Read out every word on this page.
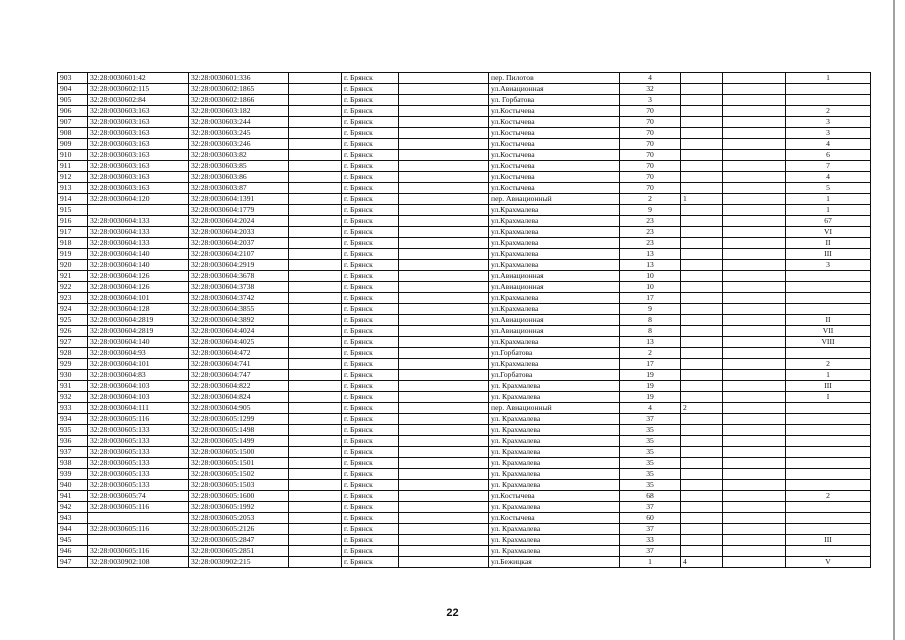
903	32:28:0030601:42	32:28:0030601:336		г. Брянск		пер. Пилотов	4			1
904	32:28:0030602:115	32:28:0030602:1865		г. Брянск		ул.Авиационная	32			
905	32:28:0030602:84	32:28:0030602:1866		г. Брянск		ул. Горбатова	3			
906	32:28:0030603:163	32:28:0030603:182		г. Брянск		ул.Костычева	70			2
907	32:28:0030603:163	32:28:0030603:244		г. Брянск		ул.Костычева	70			3
908	32:28:0030603:163	32:28:0030603:245		г. Брянск		ул.Костычева	70			3
909	32:28:0030603:163	32:28:0030603:246		г. Брянск		ул.Костычева	70			4
910	32:28:0030603:163	32:28:0030603:82		г. Брянск		ул.Костычева	70			6
911	32:28:0030603:163	32:28:0030603:85		г. Брянск		ул.Костычева	70			7
912	32:28:0030603:163	32:28:0030603:86		г. Брянск		ул.Костычева	70			4
913	32:28:0030603:163	32:28:0030603:87		г. Брянск		ул.Костычева	70			5
914	32:28:0030604:120	32:28:0030604:1391		г. Брянск		пер. Авиационный	2	1		1
915		32:28:0030604:1779		г. Брянск		ул.Крахмалева	9			1
916	32:28:0030604:133	32:28:0030604:2024		г. Брянск		ул.Крахмалева	23			67
917	32:28:0030604:133	32:28:0030604:2033		г. Брянск		ул.Крахмалева	23			VI
918	32:28:0030604:133	32:28:0030604:2037		г. Брянск		ул.Крахмалева	23			II
919	32:28:0030604:140	32:28:0030604:2107		г. Брянск		ул.Крахмалева	13			III
920	32:28:0030604:140	32:28:0030604:2919		г. Брянск		ул.Крахмалева	13			3
921	32:28:0030604:126	32:28:0030604:3678		г. Брянск		ул.Авиационная	10			
922	32:28:0030604:126	32:28:0030604:3738		г. Брянск		ул.Авиационная	10			
923	32:28:0030604:101	32:28:0030604:3742		г. Брянск		ул.Крахмалева	17			
924	32:28:0030604:128	32:28:0030604:3855		г. Брянск		ул.Крахмалева	9			
925	32:28:0030604:2819	32:28:0030604:3892		г. Брянск		ул.Авиационная	8			II
926	32:28:0030604:2819	32:28:0030604:4024		г. Брянск		ул.Авиационная	8			VII
927	32:28:0030604:140	32:28:0030604:4025		г. Брянск		ул.Крахмалева	13			VIII
928	32:28:0030604:93	32:28:0030604:472		г. Брянск		ул.Горбатова	2			
929	32:28:0030604:101	32:28:0030604:741		г. Брянск		ул.Крахмалева	17			2
930	32:28:0030604:83	32:28:0030604:747		г. Брянск		ул.Горбатова	19			1
931	32:28:0030604:103	32:28:0030604:822		г. Брянск		ул. Крахмалева	19			III
932	32:28:0030604:103	32:28:0030604:824		г. Брянск		ул. Крахмалева	19			I
933	32:28:0030604:111	32:28:0030604:905		г. Брянск		пер. Авиационный	4	2		
934	32:28:0030605:116	32:28:0030605:1299		г. Брянск		ул. Крахмалева	37			
935	32:28:0030605:133	32:28:0030605:1498		г. Брянск		ул. Крахмалева	35			
936	32:28:0030605:133	32:28:0030605:1499		г. Брянск		ул. Крахмалева	35			
937	32:28:0030605:133	32:28:0030605:1500		г. Брянск		ул. Крахмалева	35			
938	32:28:0030605:133	32:28:0030605:1501		г. Брянск		ул. Крахмалева	35			
939	32:28:0030605:133	32:28:0030605:1502		г. Брянск		ул. Крахмалева	35			
940	32:28:0030605:133	32:28:0030605:1503		г. Брянск		ул. Крахмалева	35			
941	32:28:0030605:74	32:28:0030605:1600		г. Брянск		ул.Костычева	68			2
942	32:28:0030605:116	32:28:0030605:1992		г. Брянск		ул. Крахмалева	37			
943		32:28:0030605:2053		г. Брянск		ул.Костычева	60			
944	32:28:0030605:116	32:28:0030605:2126		г. Брянск		ул. Крахмалева	37			
945		32:28:0030605:2847		г. Брянск		ул. Крахмалева	33			III
946	32:28:0030605:116	32:28:0030605:2851		г. Брянск		ул. Крахмалева	37			
947	32:28:0030902:108	32:28:0030902:215		г. Брянск		ул.Бежицкая	1	4		V
22
